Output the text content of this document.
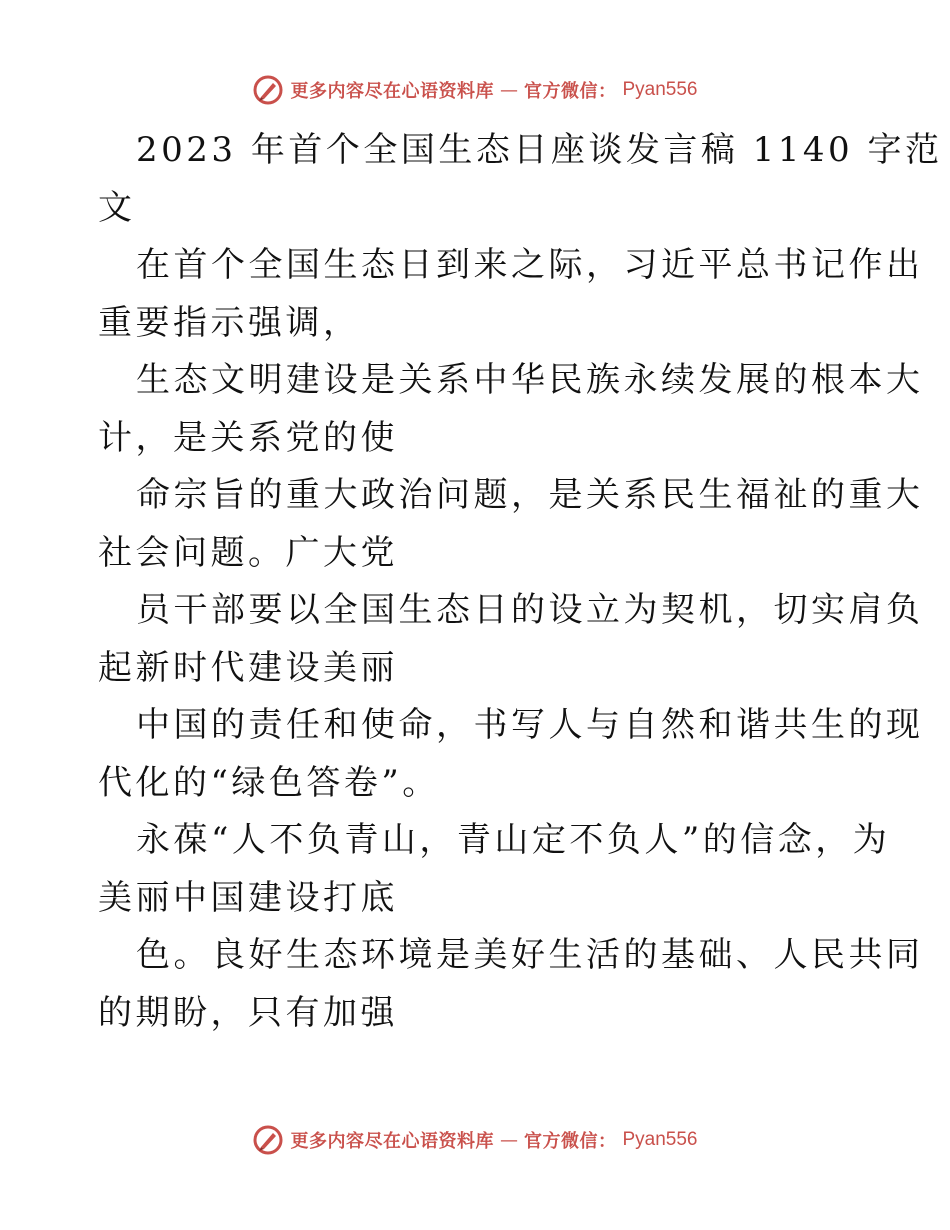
更多内容尽在心语资料库 — 官方微信： Pyan556
2023 年首个全国生态日座谈发言稿 1140 字范
文
在首个全国生态日到来之际，习近平总书记作出
重要指示强调，
生态文明建设是关系中华民族永续发展的根本大
计，是关系党的使
命宗旨的重大政治问题，是关系民生福祉的重大
社会问题。广大党
员干部要以全国生态日的设立为契机，切实肩负
起新时代建设美丽
中国的责任和使命，书写人与自然和谐共生的现
代化的“绿色答卷”。
永葆“人不负青山，青山定不负人”的信念，为
美丽中国建设打底
色。良好生态环境是美好生活的基础、人民共同
的期盼，只有加强
更多内容尽在心语资料库 — 官方微信： Pyan556
